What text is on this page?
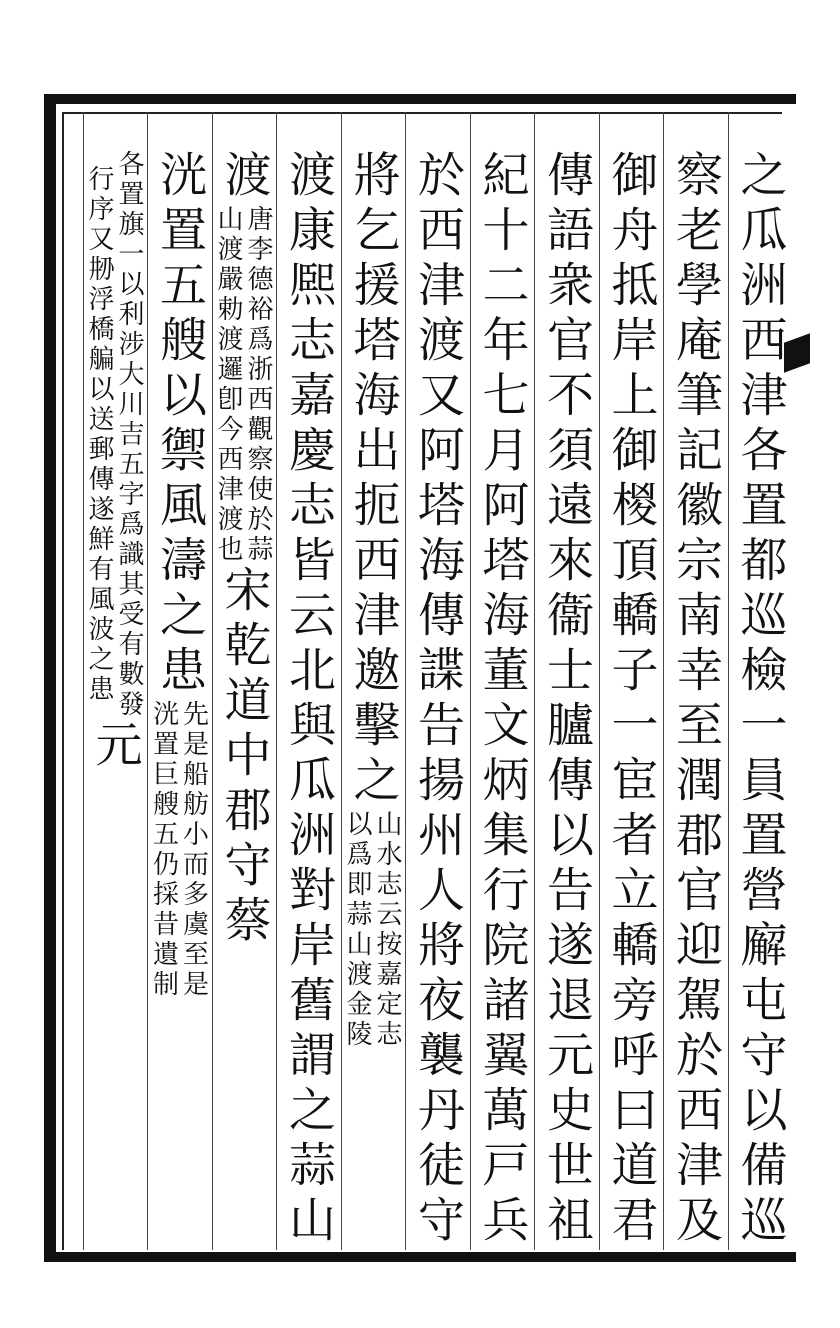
之瓜洲西津各置都巡檢一員置營廨屯守以備巡
察老學庵筆記徽宗南幸至潤郡官迎駕於西津及
御舟抵岸上御椶頂轎子一宦者立轎旁呼曰道君
傳語衆官不須遠來衞士臚傳以告遂退元史世祖
紀十二年七月阿塔海董文炳集行院諸翼萬戸兵
於西津渡又阿塔海傳諜告揚州人將夜襲丹徒守
將乞援塔海出扼西津邀擊之
山水志云按嘉定志
以爲即蒜山渡金陵
渡康熈志嘉慶志皆云北與瓜洲對岸舊謂之蒜山
渡
唐李德裕爲浙西觀察使於蒜
山渡嚴勅渡邏卽今西津渡也
宋乾道中郡守蔡
洸置五艘以禦風濤之患
先是船舫小而多虞至是
洸置巨艘五仍採昔遺制
各置旗一以利涉大川吉五字爲識其受有數發
行序又刱浮橋艑以送郵傳遂鮮有風波之患
元
